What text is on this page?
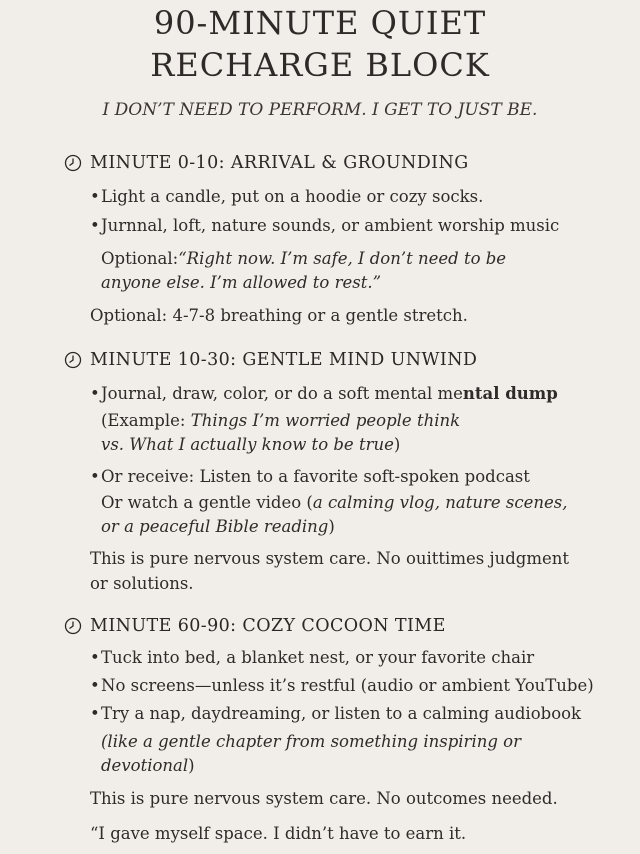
90-MINUTE QUIET
RECHARGE BLOCK
I DON’T NEED TO PERFORM. I GET TO JUST BE.
MINUTE 0-10: ARRIVAL & GROUNDING
• Light a candle, put on a hoodie or cozy socks.
• Jurnnal, loft, nature sounds, or ambient worship music
Optional:“Right now. I’m safe, I don’t need to be
anyone else. I’m allowed to rest.”
Optional: 4-7-8 breathing or a gentle stretch.
MINUTE 10-30: GENTLE MIND UNWIND
• Journal, draw, color, or do a soft mental mental dump
(Example: Things I’m worried people think
vs. What I actually know to be true)
• Or receive: Listen to a favorite soft-spoken podcast
Or watch a gentle video (a calming vlog, nature scenes,
or a peaceful Bible reading)
This is pure nervous system care. No ouittimes judgment
or solutions.
MINUTE 60-90: COZY COCOON TIME
• Tuck into bed, a blanket nest, or your favorite chair
• No screens—unless it’s restful (audio or ambient YouTube)
• Try a nap, daydreaming, or listen to a calming audiobook
(like a gentle chapter from something inspiring or
devotional)
This is pure nervous system care. No outcomes needed.
“I gave myself space. I didn’t have to earn it.
